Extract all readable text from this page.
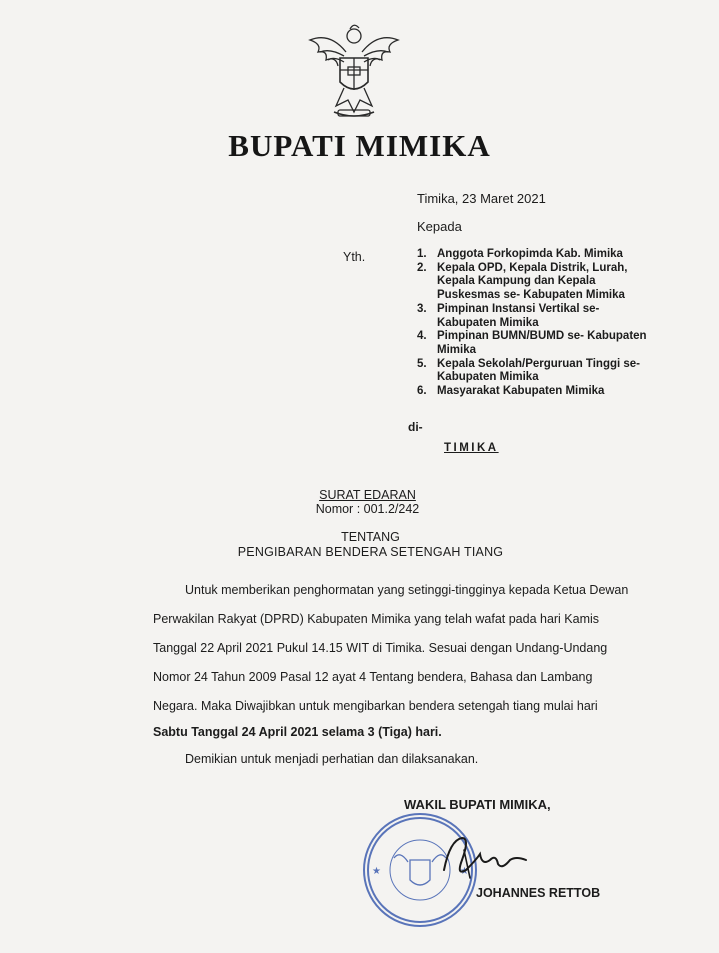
BUPATI MIMIKA

Timika, 23 Maret 2021

Kepada

Yth.	1. Anggota Forkopimda Kab. Mimika
2. Kepala OPD, Kepala Distrik, Lurah, Kepala Kampung dan Kepala Puskesmas se- Kabupaten Mimika
3. Pimpinan Instansi Vertikal se- Kabupaten Mimika
4. Pimpinan BUMN/BUMD se- Kabupaten Mimika
5. Kepala Sekolah/Perguruan Tinggi se- Kabupaten Mimika
6. Masyarakat Kabupaten Mimika

di-

TIMIKA

SURAT EDARAN

Nomor : 001.2/242

TENTANG

PENGIBARAN BENDERA SETENGAH TIANG

Untuk memberikan penghormatan yang setinggi-tingginya kepada Ketua Dewan

Perwakilan Rakyat (DPRD) Kabupaten Mimika yang telah wafat pada hari Kamis

Tanggal 22 April 2021 Pukul 14.15 WIT di Timika. Sesuai dengan Undang-Undang

Nomor 24 Tahun 2009 Pasal 12 ayat 4 Tentang bendera, Bahasa dan Lambang

Negara. Maka Diwajibkan untuk mengibarkan bendera setengah tiang mulai hari

Sabtu Tanggal 24 April 2021 selama 3 (Tiga) hari.

Demikian untuk menjadi perhatian dan dilaksanakan.

WAKIL BUPATI MIMIKA,

★	★

JOHANNES RETTOB
